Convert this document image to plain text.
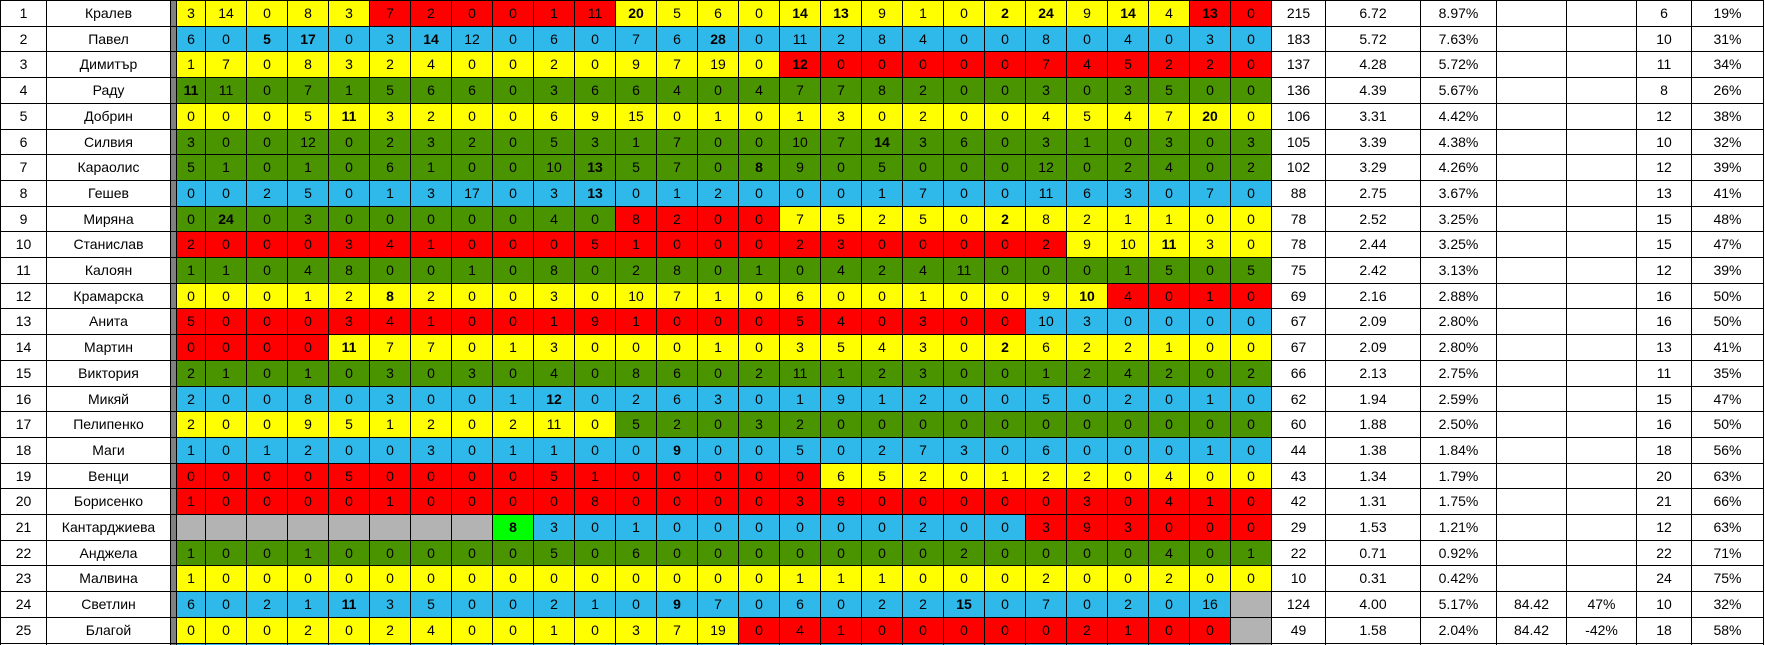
1	Кралев		3	14	0	8	3	7	2	0	0	1	11	20	5	6	0	14	13	9	1	0	2	24	9	14	4	13	0	215	6.72	8.97%			6	19%
2	Павел		6	0	5	17	0	3	14	12	0	6	0	7	6	28	0	11	2	8	4	0	0	8	0	4	0	3	0	183	5.72	7.63%			10	31%
3	Димитър		1	7	0	8	3	2	4	0	0	2	0	9	7	19	0	12	0	0	0	0	0	7	4	5	2	2	0	137	4.28	5.72%			11	34%
4	Раду		11	11	0	7	1	5	6	6	0	3	6	6	4	0	4	7	7	8	2	0	0	3	0	3	5	0	0	136	4.39	5.67%			8	26%
5	Добрин		0	0	0	5	11	3	2	0	0	6	9	15	0	1	0	1	3	0	2	0	0	4	5	4	7	20	0	106	3.31	4.42%			12	38%
6	Силвия		3	0	0	12	0	2	3	2	0	5	3	1	7	0	0	10	7	14	3	6	0	3	1	0	3	0	3	105	3.39	4.38%			10	32%
7	Караолис		5	1	0	1	0	6	1	0	0	10	13	5	7	0	8	9	0	5	0	0	0	12	0	2	4	0	2	102	3.29	4.26%			12	39%
8	Гешев		0	0	2	5	0	1	3	17	0	3	13	0	1	2	0	0	0	1	7	0	0	11	6	3	0	7	0	88	2.75	3.67%			13	41%
9	Миряна		0	24	0	3	0	0	0	0	0	4	0	8	2	0	0	7	5	2	5	0	2	8	2	1	1	0	0	78	2.52	3.25%			15	48%
10	Станислав		2	0	0	0	3	4	1	0	0	0	5	1	0	0	0	2	3	0	0	0	0	2	9	10	11	3	0	78	2.44	3.25%			15	47%
11	Калоян		1	1	0	4	8	0	0	1	0	8	0	2	8	0	1	0	4	2	4	11	0	0	0	1	5	0	5	75	2.42	3.13%			12	39%
12	Крамарска		0	0	0	1	2	8	2	0	0	3	0	10	7	1	0	6	0	0	1	0	0	9	10	4	0	1	0	69	2.16	2.88%			16	50%
13	Анита		5	0	0	0	3	4	1	0	0	1	9	1	0	0	0	5	4	0	3	0	0	10	3	0	0	0	0	67	2.09	2.80%			16	50%
14	Мартин		0	0	0	0	11	7	7	0	1	3	0	0	0	1	0	3	5	4	3	0	2	6	2	2	1	0	0	67	2.09	2.80%			13	41%
15	Виктория		2	1	0	1	0	3	0	3	0	4	0	8	6	0	2	11	1	2	3	0	0	1	2	4	2	0	2	66	2.13	2.75%			11	35%
16	Микяй		2	0	0	8	0	3	0	0	1	12	0	2	6	3	0	1	9	1	2	0	0	5	0	2	0	1	0	62	1.94	2.59%			15	47%
17	Пелипенко		2	0	0	9	5	1	2	0	2	11	0	5	2	0	3	2	0	0	0	0	0	0	0	0	0	0	0	60	1.88	2.50%			16	50%
18	Маги		1	0	1	2	0	0	3	0	1	1	0	0	9	0	0	5	0	2	7	3	0	6	0	0	0	1	0	44	1.38	1.84%			18	56%
19	Венци		0	0	0	0	5	0	0	0	0	5	1	0	0	0	0	0	6	5	2	0	1	2	2	0	4	0	0	43	1.34	1.79%			20	63%
20	Борисенко		1	0	0	0	0	1	0	0	0	0	8	0	0	0	0	3	9	0	0	0	0	0	3	0	4	1	0	42	1.31	1.75%			21	66%
21	Кантарджиева										8	3	0	1	0	0	0	0	0	0	2	0	0	3	9	3	0	0	0	29	1.53	1.21%			12	63%
22	Анджела		1	0	0	1	0	0	0	0	0	5	0	6	0	0	0	0	0	0	0	2	0	0	0	0	4	0	1	22	0.71	0.92%			22	71%
23	Малвина		1	0	0	0	0	0	0	0	0	0	0	0	0	0	0	1	1	1	0	0	0	2	0	0	2	0	0	10	0.31	0.42%			24	75%
24	Светлин		6	0	2	1	11	3	5	0	0	2	1	0	9	7	0	6	0	2	2	15	0	7	0	2	0	16		124	4.00	5.17%	84.42	47%	10	32%
25	Благой		0	0	0	2	0	2	4	0	0	1	0	3	7	19	0	4	1	0	0	0	0	0	2	1	0	0		49	1.58	2.04%	84.42	-42%	18	58%
